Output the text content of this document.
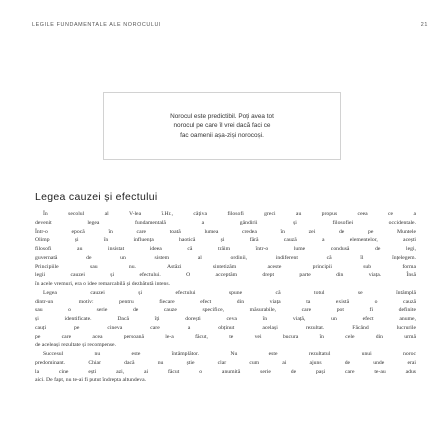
LEGILE FUNDAMENTALE ALE NOROCULUI	21
Norocul este predictibil. Poți avea tot
norocul pe care îl vrei dacă faci ce
fac oamenii așa-ziși norocoși.
Legea cauzei și efectului

În secolul al V-lea î.Hr., câțiva filosofi greci au propus ceea ce a
devenit legea fundamentală a gândirii și filosofiei occidentale.
Într-o epocă în care toată lumea credea în zei de pe Muntele
Olimp și în influența haotică și fără cauză a elementelor, acești
filosofi au insistat ideea că trăim într-o lume condusă de legi,
guvernată de un sistem al ordinii, indiferent că îl înțelegem.
Principiile sau nu. Astăzi sintetizăm aceste principii sub forma
legii cauzei și efectului. O acceptăm drept parte din viața. Însă
în acele vremuri, era o idee remarcabilă și dezbătută intens.

Legea cauzei și efectului spune că totul se întâmplă
dintr-un motiv: pentru fiecare efect din viața ta există o cauză
sau o serie de cauze specifice, măsurabile, care pot fi definite
și identificate. Dacă îți dorești ceva în viață, un efect anume,
cauți pe cineva care a obținut același rezultat. Făcând lucrurile
pe care acea persoană le-a făcut, te vei bucura în cele din urmă
de aceleași rezultate și recompense.

Succesul nu este întâmplător. Nu este rezultatul unui noroc
predominant. Chiar dacă nu știe clar cum ai ajuns de unde erai
la cine ești azi, ai făcut o anumită serie de pași care te-au adus
aici. De fapt, nu te-ai fi putut îndrepta altundeva.
